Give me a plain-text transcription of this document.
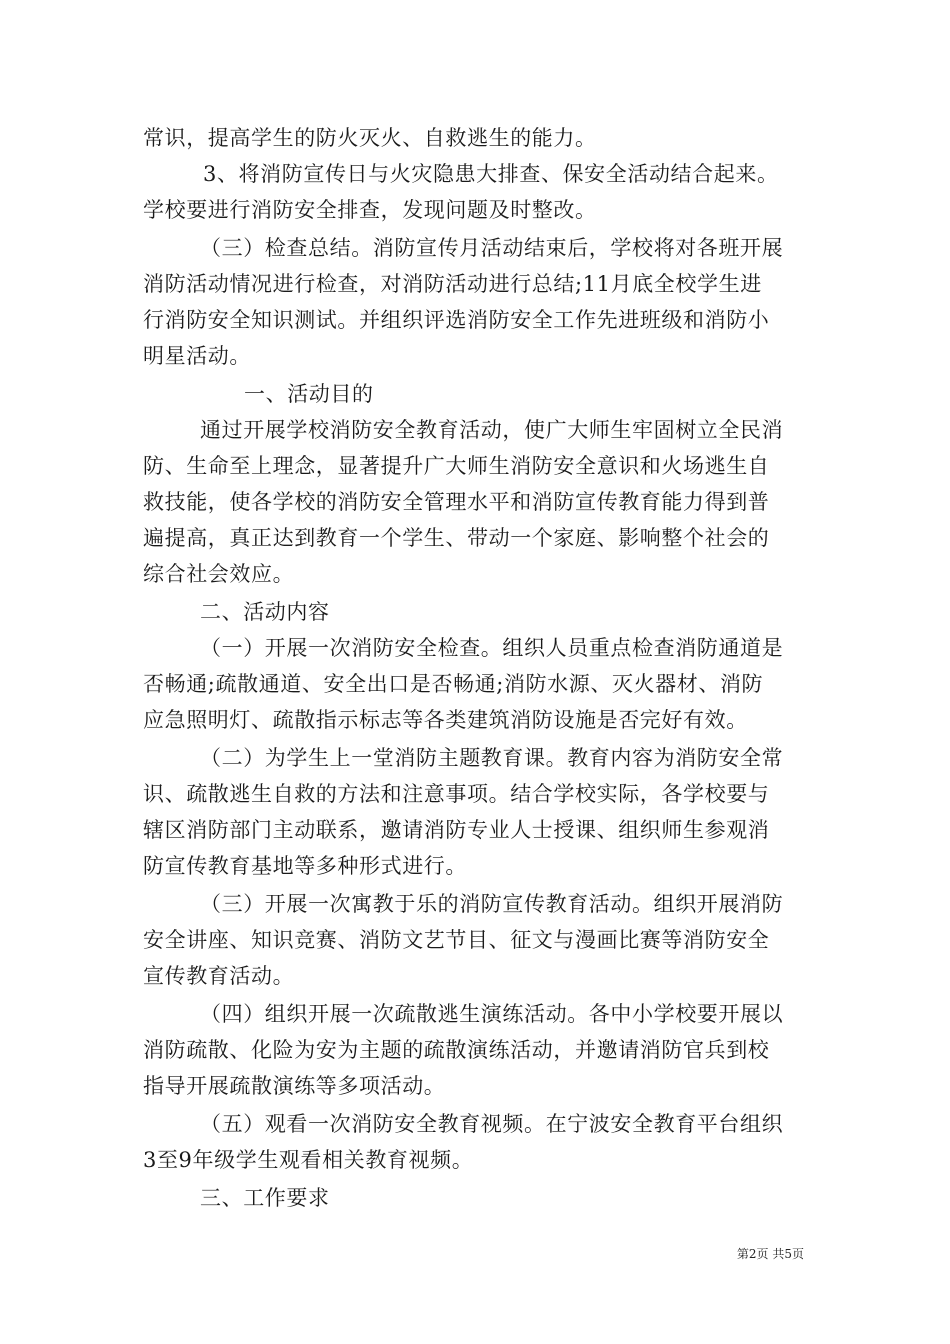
常识，提高学生的防火灭火、自救逃生的能力。
3、将消防宣传日与火灾隐患大排查、保安全活动结合起来。
学校要进行消防安全排查，发现问题及时整改。
（三）检查总结。消防宣传月活动结束后，学校将对各班开展
消防活动情况进行检查，对消防活动进行总结;11月底全校学生进
行消防安全知识测试。并组织评选消防安全工作先进班级和消防小
明星活动。
一、活动目的
通过开展学校消防安全教育活动，使广大师生牢固树立全民消
防、生命至上理念，显著提升广大师生消防安全意识和火场逃生自
救技能，使各学校的消防安全管理水平和消防宣传教育能力得到普
遍提高，真正达到教育一个学生、带动一个家庭、影响整个社会的
综合社会效应。
二、活动内容
（一）开展一次消防安全检查。组织人员重点检查消防通道是
否畅通;疏散通道、安全出口是否畅通;消防水源、灭火器材、消防
应急照明灯、疏散指示标志等各类建筑消防设施是否完好有效。
（二）为学生上一堂消防主题教育课。教育内容为消防安全常
识、疏散逃生自救的方法和注意事项。结合学校实际，各学校要与
辖区消防部门主动联系，邀请消防专业人士授课、组织师生参观消
防宣传教育基地等多种形式进行。
（三）开展一次寓教于乐的消防宣传教育活动。组织开展消防
安全讲座、知识竞赛、消防文艺节目、征文与漫画比赛等消防安全
宣传教育活动。
（四）组织开展一次疏散逃生演练活动。各中小学校要开展以
消防疏散、化险为安为主题的疏散演练活动，并邀请消防官兵到校
指导开展疏散演练等多项活动。
（五）观看一次消防安全教育视频。在宁波安全教育平台组织
3至9年级学生观看相关教育视频。
三、工作要求
第2页 共5页
